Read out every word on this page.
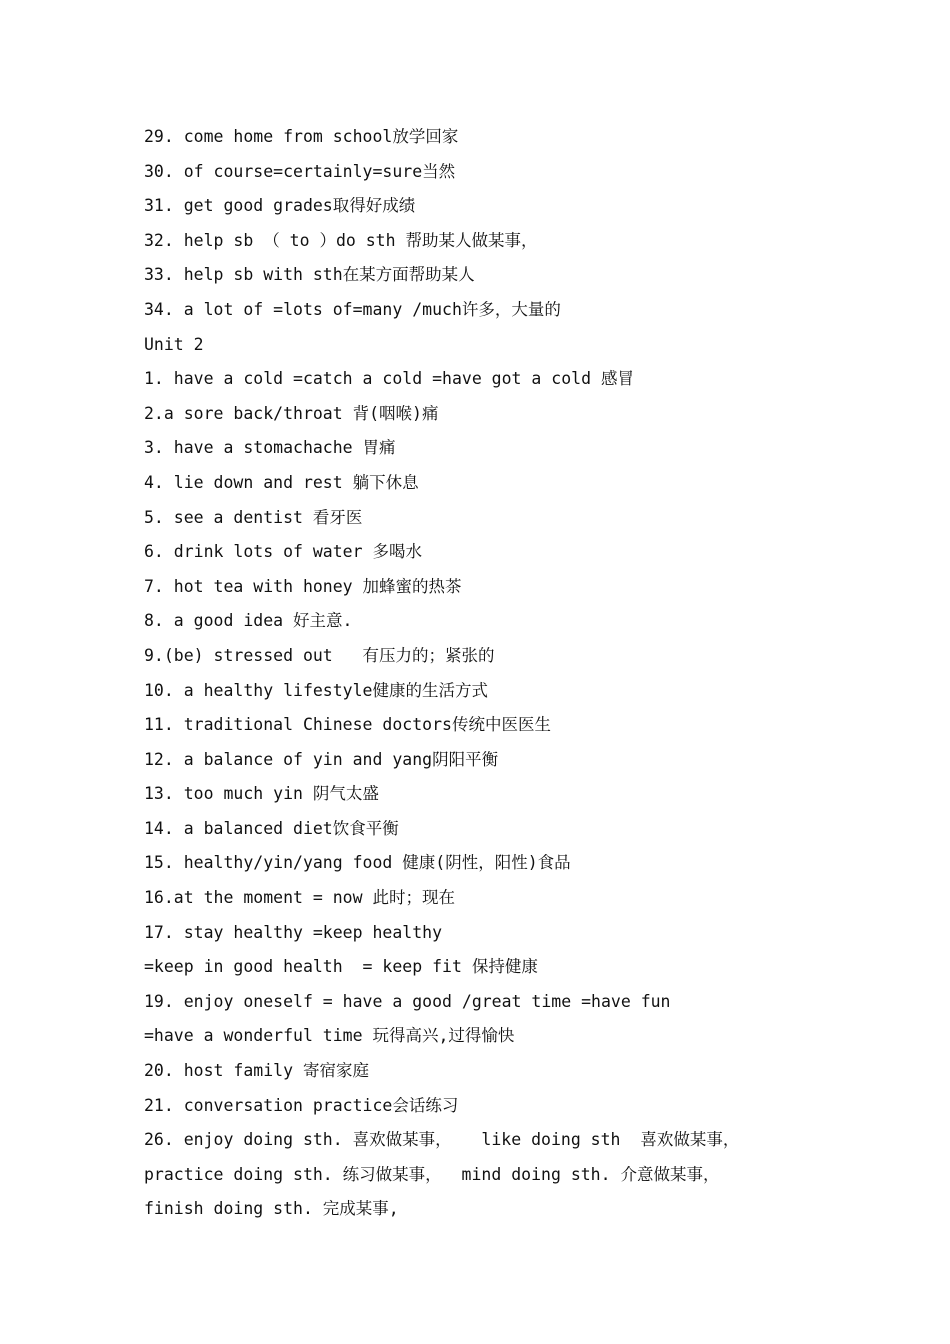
29. come home from school放学回家
30. of course=certainly=sure当然
31. get good grades取得好成绩
32. help sb （ to ）do sth 帮助某人做某事，
33. help sb with sth在某方面帮助某人
34. a lot of =lots of=many /much许多，大量的
Unit 2
1. have a cold =catch a cold =have got a cold 感冒
2.a sore back/throat 背(咽喉)痛
3. have a stomachache 胃痛
4. lie down and rest 躺下休息
5. see a dentist 看牙医
6. drink lots of water 多喝水
7. hot tea with honey 加蜂蜜的热茶
8. a good idea 好主意.
9.(be) stressed out   有压力的；紧张的
10. a healthy lifestyle健康的生活方式
11. traditional Chinese doctors传统中医医生
12. a balance of yin and yang阴阳平衡
13. too much yin 阴气太盛
14. a balanced diet饮食平衡
15. healthy/yin/yang food 健康(阴性，阳性)食品
16.at the moment = now 此时；现在
17. stay healthy =keep healthy
=keep in good health  = keep fit 保持健康
19. enjoy oneself = have a good /great time =have fun
=have a wonderful time 玩得高兴,过得愉快
20. host family 寄宿家庭
21. conversation practice会话练习
26. enjoy doing sth. 喜欢做某事，   like doing sth  喜欢做某事，
practice doing sth. 练习做某事，  mind doing sth. 介意做某事，
finish doing sth. 完成某事,
